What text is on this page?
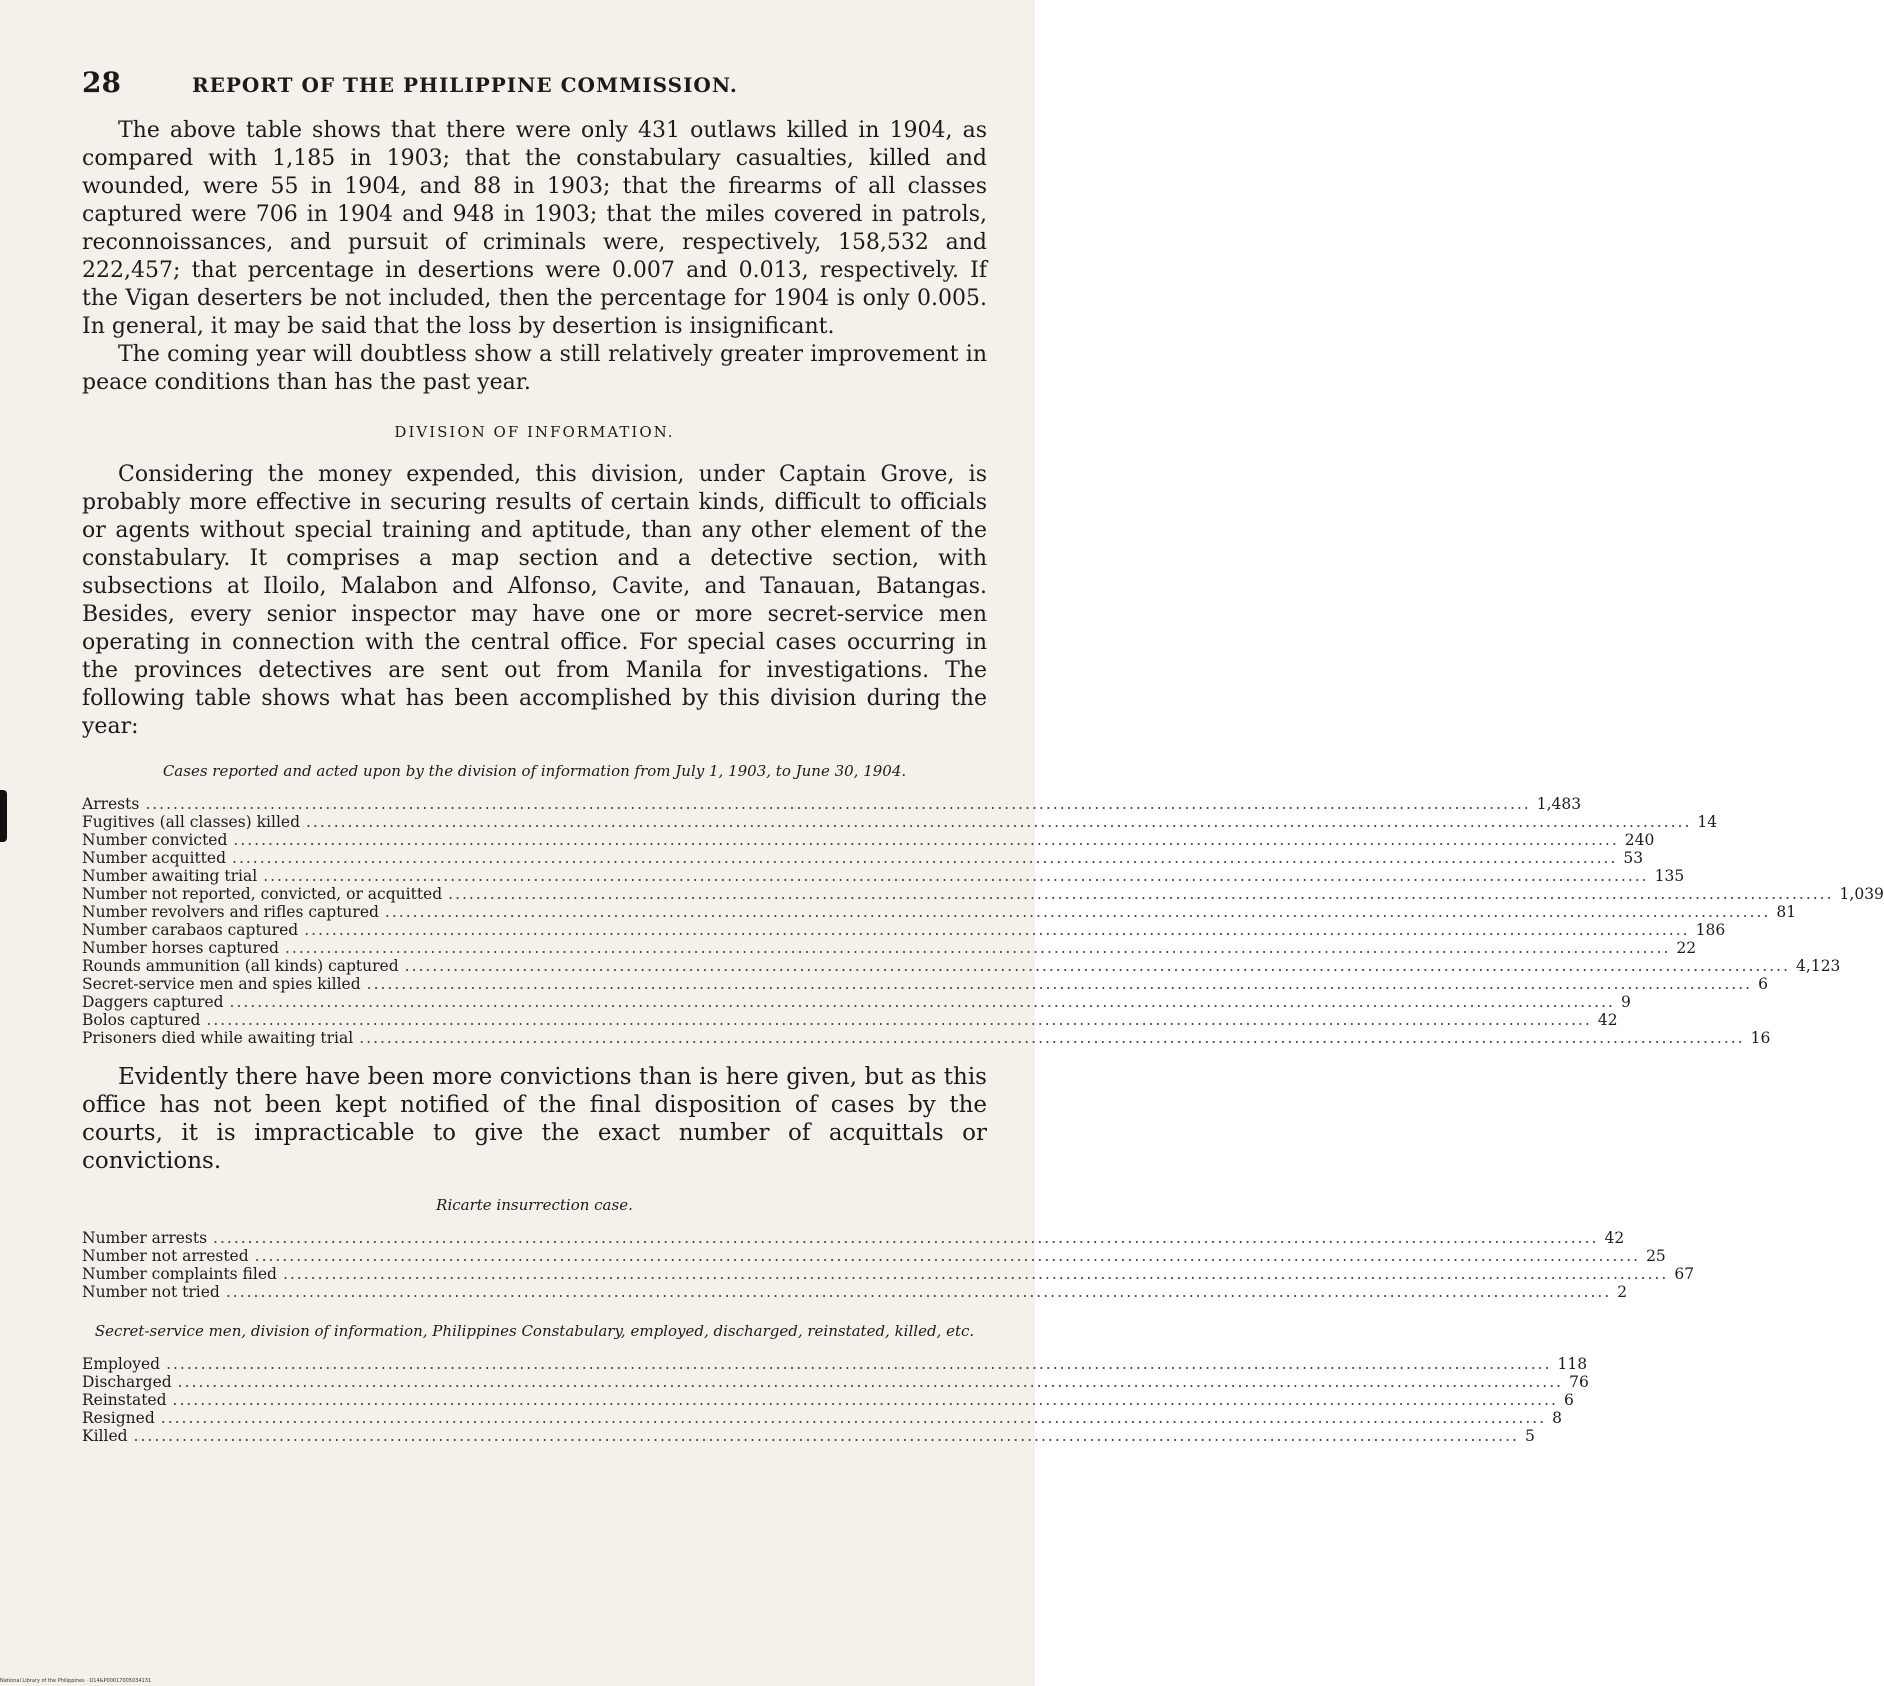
28	REPORT OF THE PHILIPPINE COMMISSION.

The above table shows that there were only 431 outlaws killed in 1904, as compared with 1,185 in 1903; that the constabulary casualties, killed and wounded, were 55 in 1904, and 88 in 1903; that the firearms of all classes captured were 706 in 1904 and 948 in 1903; that the miles covered in patrols, reconnoissances, and pursuit of criminals were, respectively, 158,532 and 222,457; that percentage in desertions were 0.007 and 0.013, respectively. If the Vigan deserters be not included, then the percentage for 1904 is only 0.005. In general, it may be said that the loss by desertion is insignificant.

The coming year will doubtless show a still relatively greater improvement in peace conditions than has the past year.

DIVISION OF INFORMATION.

Considering the money expended, this division, under Captain Grove, is probably more effective in securing results of certain kinds, difficult to officials or agents without special training and aptitude, than any other element of the constabulary. It comprises a map section and a detective section, with subsections at Iloilo, Malabon and Alfonso, Cavite, and Tanauan, Batangas. Besides, every senior inspector may have one or more secret-service men operating in connection with the central office. For special cases occurring in the provinces detectives are sent out from Manila for investigations. The following table shows what has been accomplished by this division during the year:

Cases reported and acted upon by the division of information from July 1, 1903, to June 30, 1904.
Arrests ........................................................................................................................................................................................................ 1,483
Fugitives (all classes) killed ........................................................................................................................................................................................................ 14
Number convicted ........................................................................................................................................................................................................ 240
Number acquitted ........................................................................................................................................................................................................ 53
Number awaiting trial ........................................................................................................................................................................................................ 135
Number not reported, convicted, or acquitted ........................................................................................................................................................................................................ 1,039
Number revolvers and rifles captured ........................................................................................................................................................................................................ 81
Number carabaos captured ........................................................................................................................................................................................................ 186
Number horses captured ........................................................................................................................................................................................................ 22
Rounds ammunition (all kinds) captured ........................................................................................................................................................................................................ 4,123
Secret-service men and spies killed ........................................................................................................................................................................................................ 6
Daggers captured ........................................................................................................................................................................................................ 9
Bolos captured ........................................................................................................................................................................................................ 42
Prisoners died while awaiting trial ........................................................................................................................................................................................................ 16

Evidently there have been more convictions than is here given, but as this office has not been kept notified of the final disposition of cases by the courts, it is impracticable to give the exact number of acquittals or convictions.

Ricarte insurrection case.
Number arrests ........................................................................................................................................................................................................ 42
Number not arrested ........................................................................................................................................................................................................ 25
Number complaints filed ........................................................................................................................................................................................................ 67
Number not tried ........................................................................................................................................................................................................ 2
Secret-service men, division of information, Philippines Constabulary, employed, discharged, reinstated, killed, etc.
Employed ........................................................................................................................................................................................................ 118
Discharged ........................................................................................................................................................................................................ 76
Reinstated ........................................................................................................................................................................................................ 6
Resigned ........................................................................................................................................................................................................ 8
Killed ........................................................................................................................................................................................................ 5
National Library of the Philippines · D14&P00017005034131
